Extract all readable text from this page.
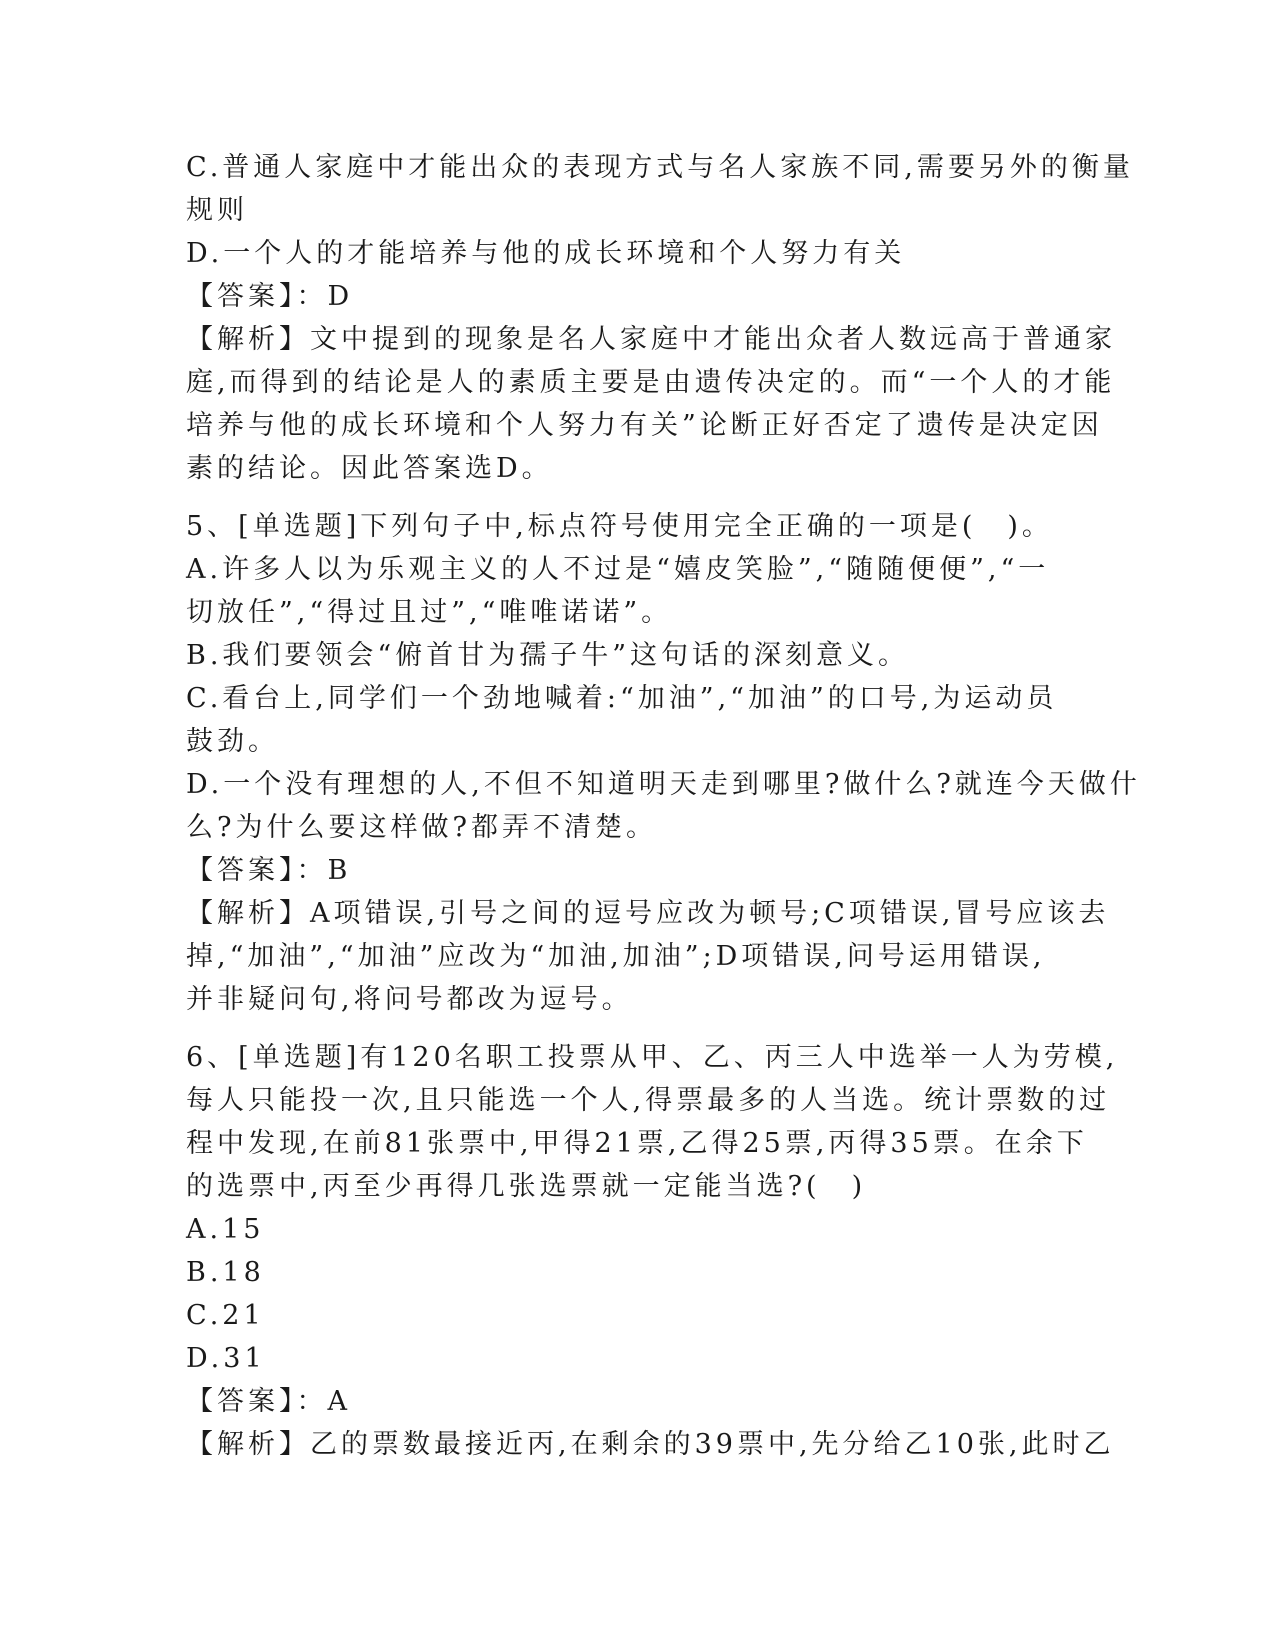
C.普通人家庭中才能出众的表现方式与名人家族不同,需要另外的衡量
规则
D.一个人的才能培养与他的成长环境和个人努力有关
【答案】：D
【解析】文中提到的现象是名人家庭中才能出众者人数远高于普通家
庭,而得到的结论是人的素质主要是由遗传决定的。而“一个人的才能
培养与他的成长环境和个人努力有关”论断正好否定了遗传是决定因
素的结论。因此答案选D。
5、[单选题]下列句子中,标点符号使用完全正确的一项是(　)。
A.许多人以为乐观主义的人不过是“嬉皮笑脸”,“随随便便”,“一
切放任”,“得过且过”,“唯唯诺诺”。
B.我们要领会“俯首甘为孺子牛”这句话的深刻意义。
C.看台上,同学们一个劲地喊着:“加油”,“加油”的口号,为运动员
鼓劲。
D.一个没有理想的人,不但不知道明天走到哪里?做什么?就连今天做什
么?为什么要这样做?都弄不清楚。
【答案】：B
【解析】A项错误,引号之间的逗号应改为顿号;C项错误,冒号应该去
掉,“加油”,“加油”应改为“加油,加油”;D项错误,问号运用错误,
并非疑问句,将问号都改为逗号。
6、[单选题]有120名职工投票从甲、乙、丙三人中选举一人为劳模,
每人只能投一次,且只能选一个人,得票最多的人当选。统计票数的过
程中发现,在前81张票中,甲得21票,乙得25票,丙得35票。在余下
的选票中,丙至少再得几张选票就一定能当选?(　)
A.15
B.18
C.21
D.31
【答案】：A
【解析】乙的票数最接近丙,在剩余的39票中,先分给乙10张,此时乙
